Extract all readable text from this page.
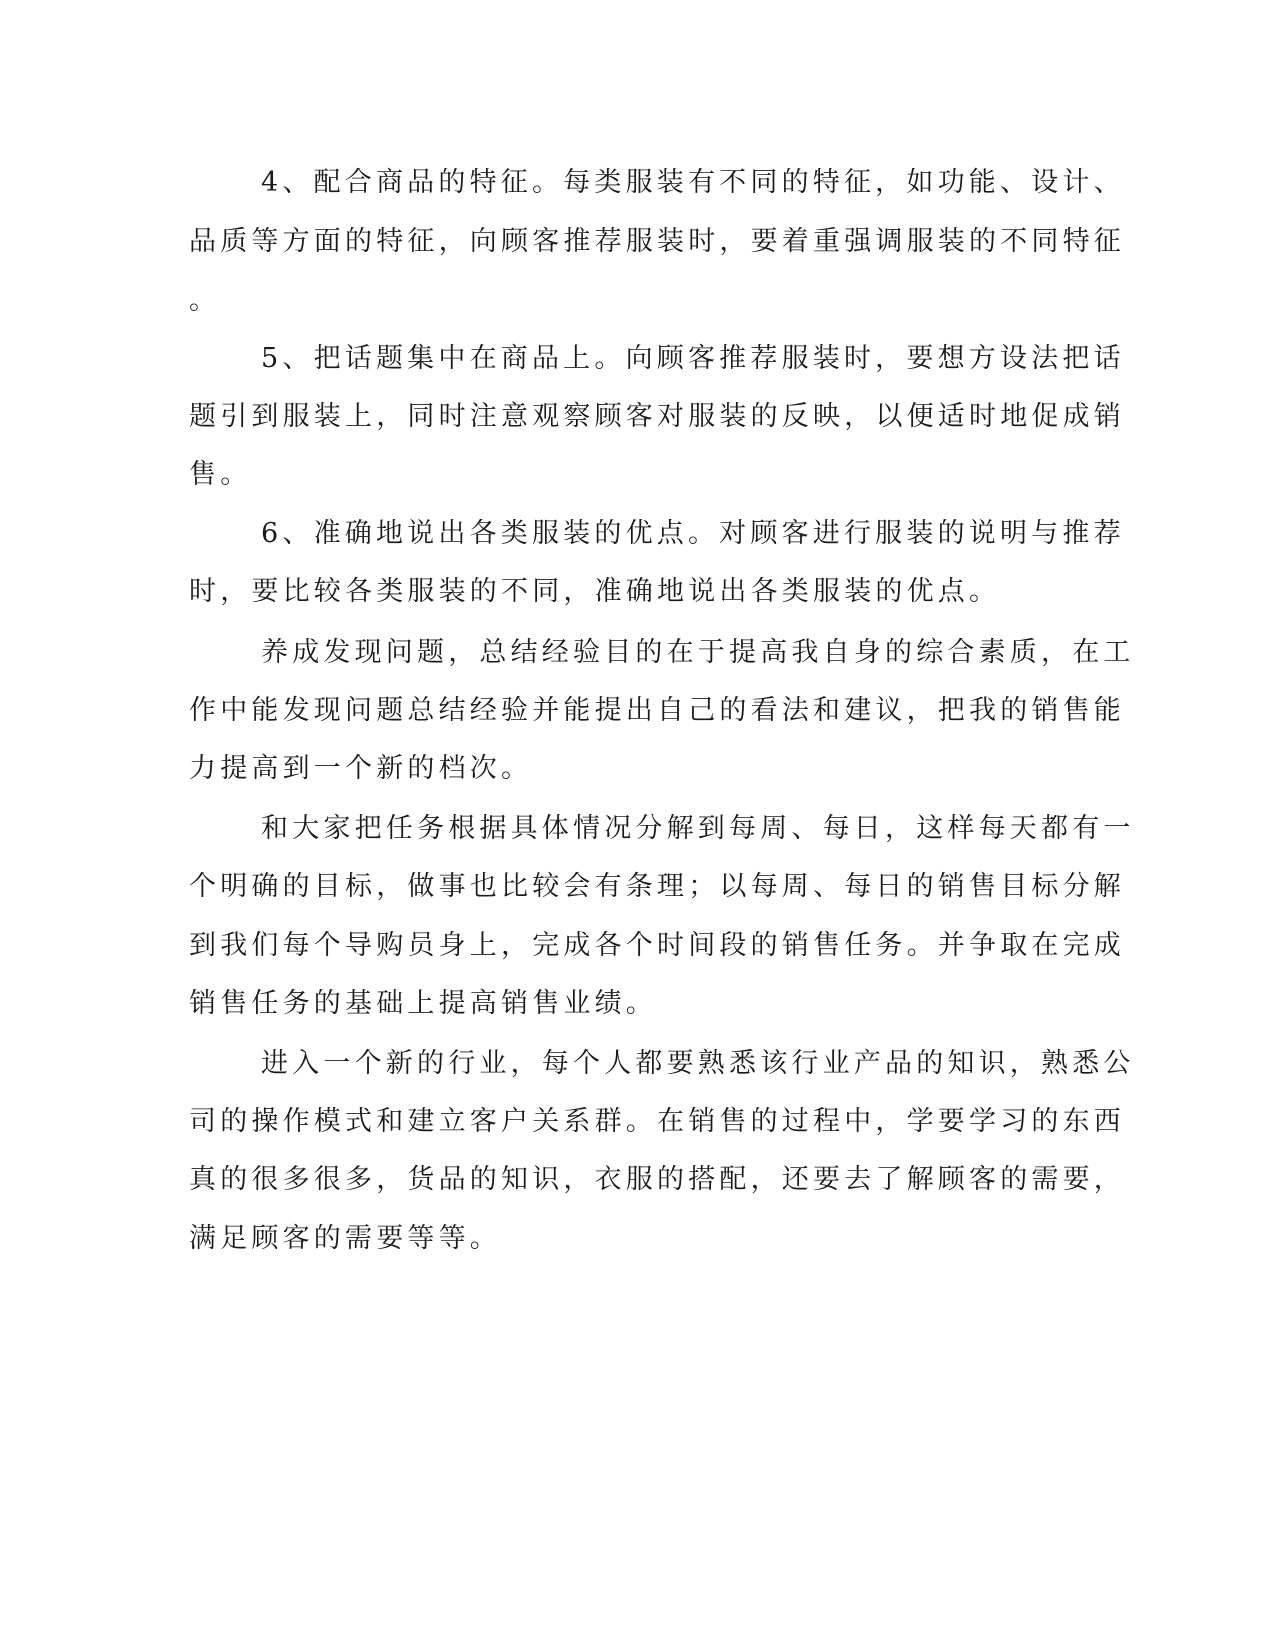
4、配合商品的特征。每类服装有不同的特征，如功能、设计、
品质等方面的特征，向顾客推荐服装时，要着重强调服装的不同特征
。
5、把话题集中在商品上。向顾客推荐服装时，要想方设法把话
题引到服装上，同时注意观察顾客对服装的反映，以便适时地促成销
售。
6、准确地说出各类服装的优点。对顾客进行服装的说明与推荐
时，要比较各类服装的不同，准确地说出各类服装的优点。
养成发现问题，总结经验目的在于提高我自身的综合素质，在工
作中能发现问题总结经验并能提出自己的看法和建议，把我的销售能
力提高到一个新的档次。
和大家把任务根据具体情况分解到每周、每日，这样每天都有一
个明确的目标，做事也比较会有条理；以每周、每日的销售目标分解
到我们每个导购员身上，完成各个时间段的销售任务。并争取在完成
销售任务的基础上提高销售业绩。
进入一个新的行业，每个人都要熟悉该行业产品的知识，熟悉公
司的操作模式和建立客户关系群。在销售的过程中，学要学习的东西
真的很多很多，货品的知识，衣服的搭配，还要去了解顾客的需要，
满足顾客的需要等等。
